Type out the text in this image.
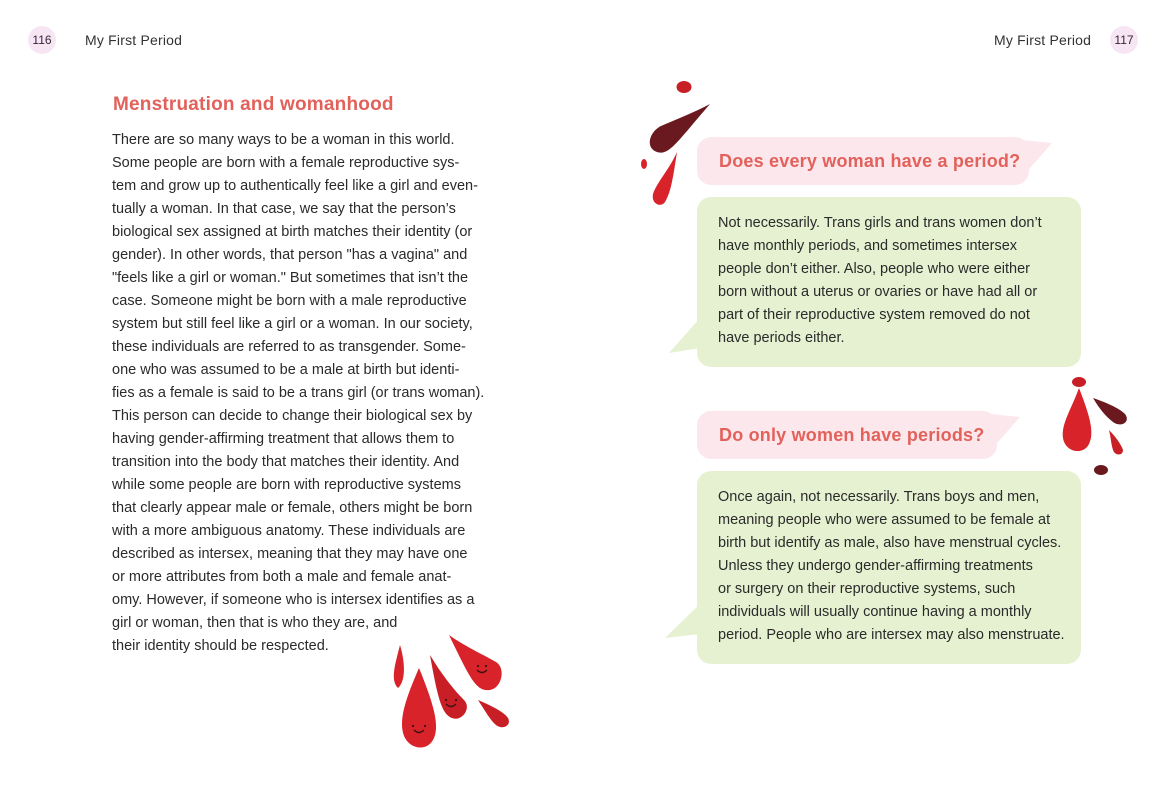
116	My First Period
Menstruation and womanhood
There are so many ways to be a woman in this world.
Some people are born with a female reproductive sys-
tem and grow up to authentically feel like a girl and even-
tually a woman. In that case, we say that the person’s
biological sex assigned at birth matches their identity (or
gender). In other words, that person "has a vagina" and
"feels like a girl or woman." But sometimes that isn’t the
case. Someone might be born with a male reproductive
system but still feel like a girl or a woman. In our society,
these individuals are referred to as transgender. Some-
one who was assumed to be a male at birth but identi-
fies as a female is said to be a trans girl (or trans woman).
This person can decide to change their biological sex by
having gender-affirming treatment that allows them to
transition into the body that matches their identity. And
while some people are born with reproductive systems
that clearly appear male or female, others might be born
with a more ambiguous anatomy. These individuals are
described as intersex, meaning that they may have one
or more attributes from both a male and female anat-
omy. However, if someone who is intersex identifies as a
girl or woman, then that is who they are, and
their identity should be respected.
My First Period	117
Does every woman have a period?
Not necessarily. Trans girls and trans women don’t
have monthly periods, and sometimes intersex
people don’t either. Also, people who were either
born without a uterus or ovaries or have had all or
part of their reproductive system removed do not
have periods either.
Do only women have periods?
Once again, not necessarily. Trans boys and men,
meaning people who were assumed to be female at
birth but identify as male, also have menstrual cycles.
Unless they undergo gender-affirming treatments
or surgery on their reproductive systems, such
individuals will usually continue having a monthly
period. People who are intersex may also menstruate.
